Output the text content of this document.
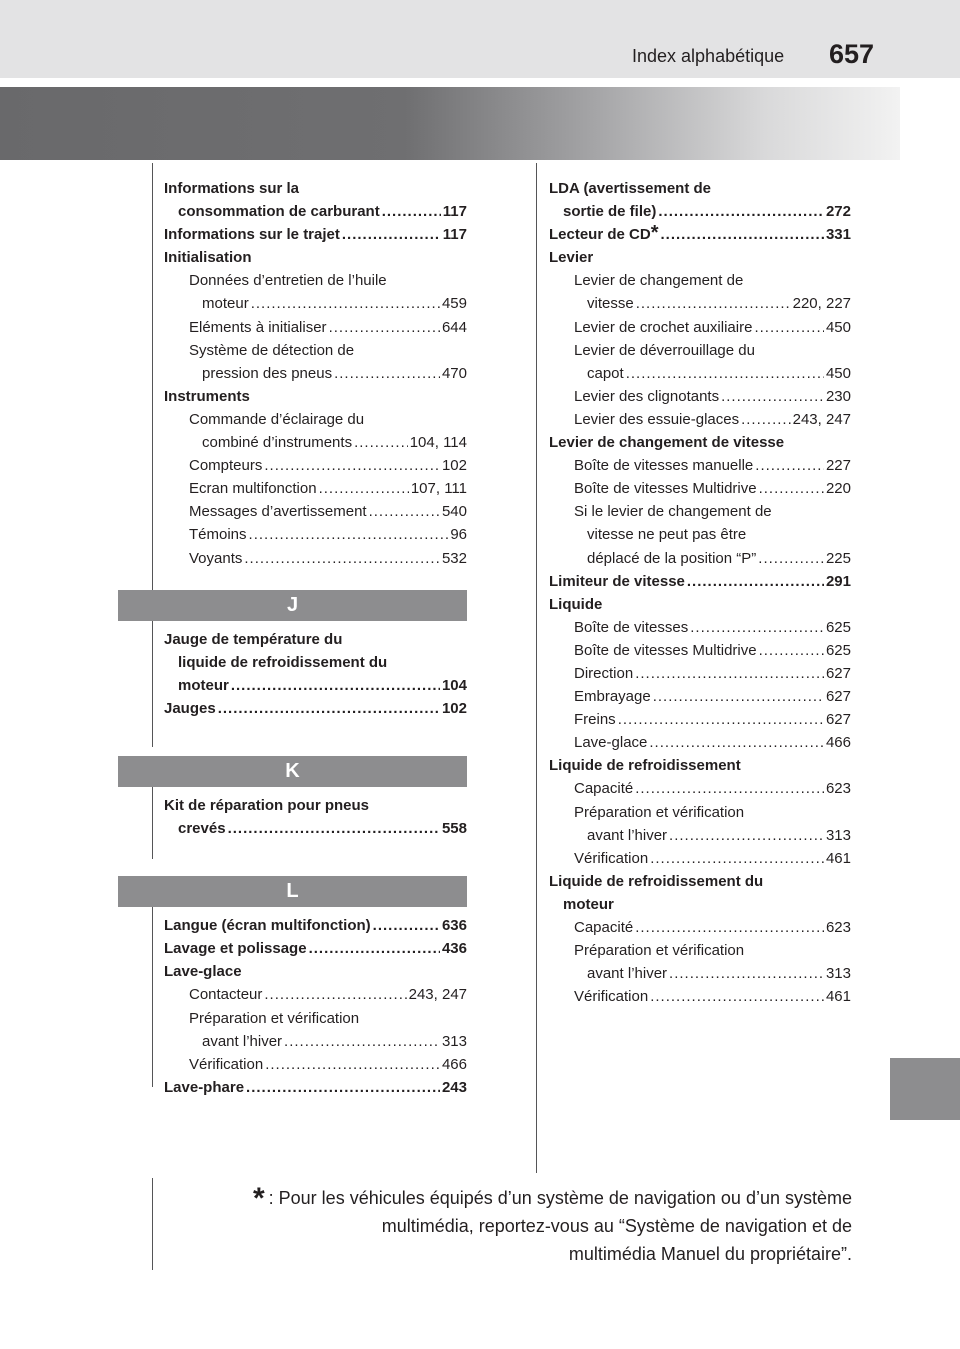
Index alphabétique 657
Informations sur la
consommation de carburant .....	117
Informations sur le trajet .....	117
Initialisation
Données d’entretien de l’huile
moteur .....	459
Eléments à initialiser .....	644
Système de détection de
pression des pneus .....	470
Instruments
Commande d’éclairage du
combiné d’instruments .....	104, 114
Compteurs .....	102
Ecran multifonction .....	107, 111
Messages d’avertissement .....	540
Témoins .....	96
Voyants .....	532
J
Jauge de température du
liquide de refroidissement du
moteur .....	104
Jauges .....	102
K
Kit de réparation pour pneus
crevés .....	558
L
Langue (écran multifonction) .....	636
Lavage et polissage .....	436
Lave-glace
Contacteur .....	243, 247
Préparation et vérification
avant l’hiver .....	313
Vérification .....	466
Lave-phare .....	243
LDA (avertissement de
sortie de file) .....	272
Lecteur de CD * .....	331
Levier
Levier de changement de
vitesse .....	220, 227
Levier de crochet auxiliaire .....	450
Levier de déverrouillage du
capot .....	450
Levier des clignotants .....	230
Levier des essuie-glaces .....	243, 247
Levier de changement de vitesse
Boîte de vitesses manuelle .....	227
Boîte de vitesses Multidrive .....	220
Si le levier de changement de
vitesse ne peut pas être
déplacé de la position “P” .....	225
Limiteur de vitesse .....	291
Liquide
Boîte de vitesses .....	625
Boîte de vitesses Multidrive .....	625
Direction .....	627
Embrayage .....	627
Freins .....	627
Lave-glace .....	466
Liquide de refroidissement
Capacité .....	623
Préparation et vérification
avant l’hiver .....	313
Vérification .....	461
Liquide de refroidissement du
moteur
Capacité .....	623
Préparation et vérification
avant l’hiver .....	313
Vérification .....	461
* : Pour les véhicules équipés d’un système de navigation ou d’un système
multimédia, reportez-vous au “Système de navigation et de
multimédia Manuel du propriétaire”.
